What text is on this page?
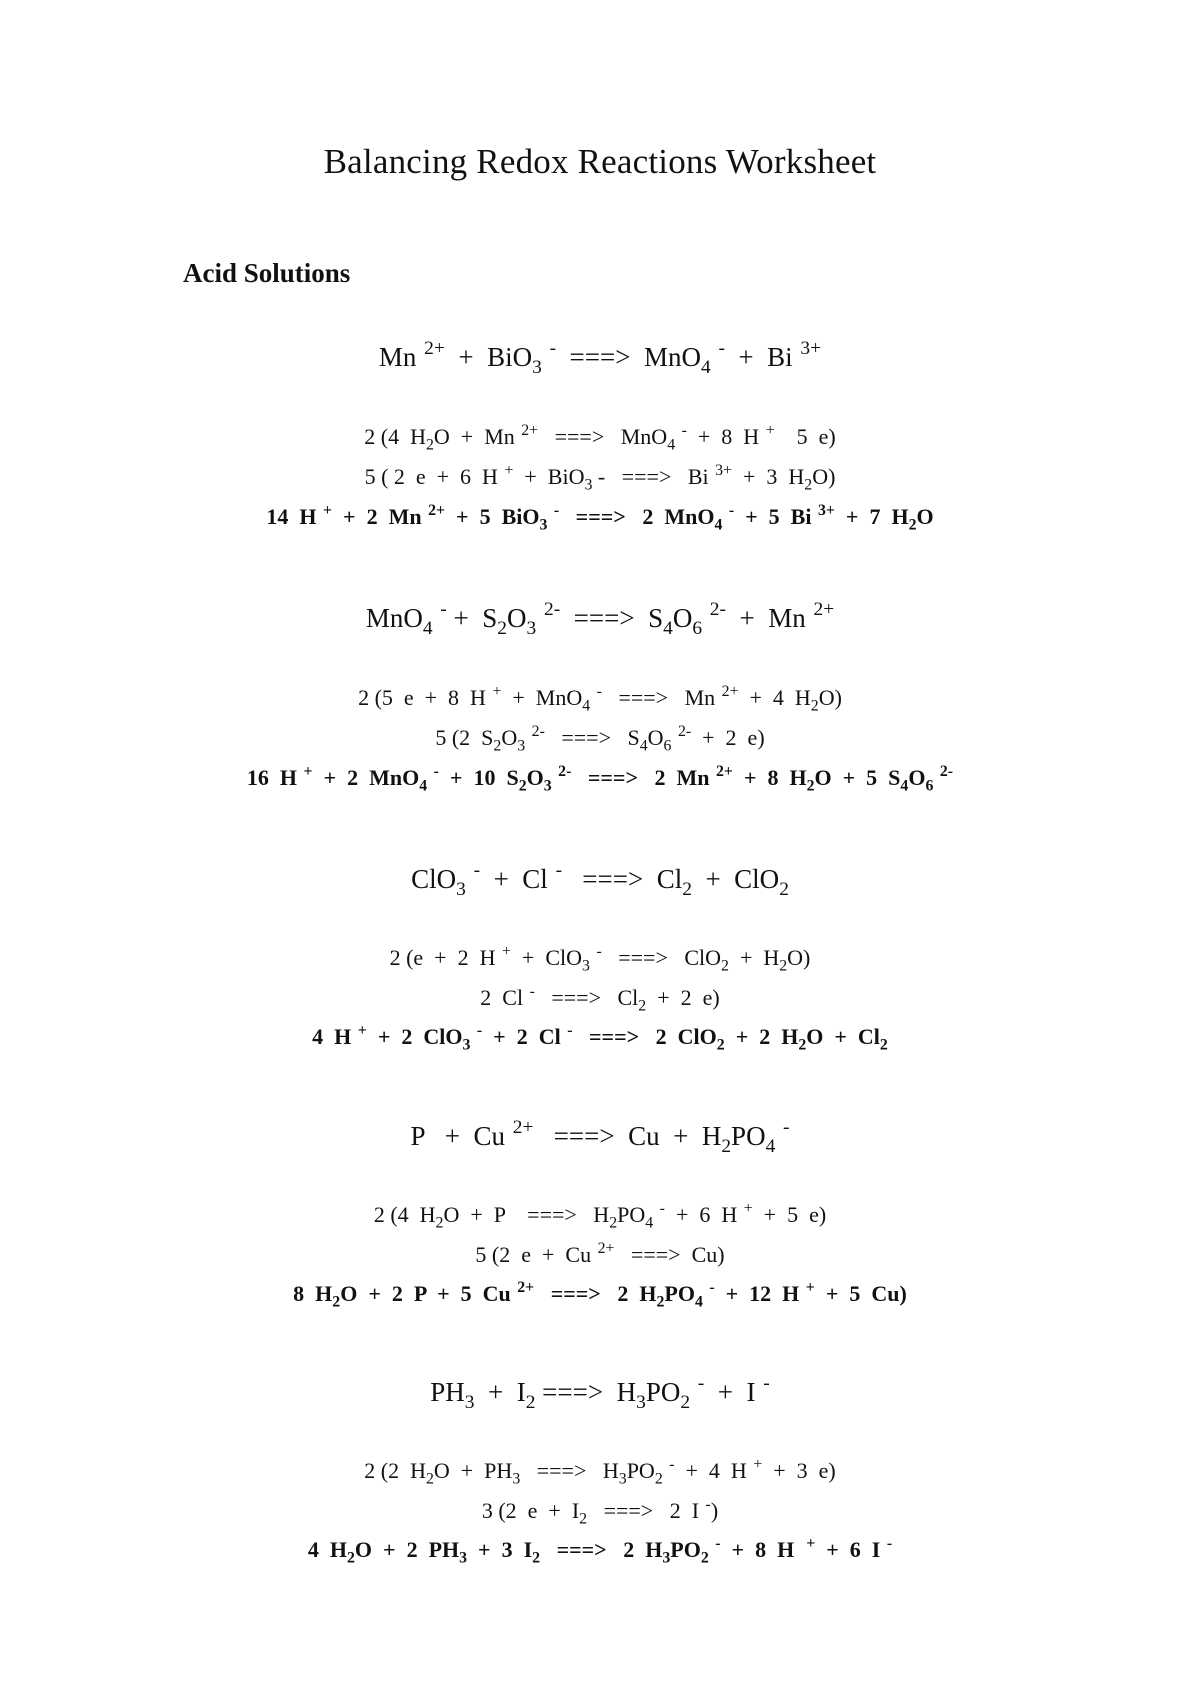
Balancing Redox Reactions Worksheet
Acid Solutions
Mn $^{2+}$  +  BiO$_3$ -  ===>  MnO$_4$ -  +  Bi $^{3+}$
2 (4  $H_2O + Mn$ $^{2+}$   ===>   MnO$_4$ -  +  8  H +    5  e)
5 ( 2  e  +  6  H +  +  BiO$_3$ -   ===>   Bi $^{3+}$  +  3  $H_2O$)
14  H +  +  2  Mn $^{2+}$  +  5  BiO$_3$ -   ===>   2  MnO$_4$ -  +  5  Bi $^{3+}$  +  7  $H_2O$
MnO$_4$ $^- + S_2O_3$ $^{2-}$  ===>  $S_4O_6$ $^{2-}$  +  Mn $^{2+}$
2 (5  e  +  8  H +  +  MnO$_4$ -   ===>   Mn $^{2+}$  +  4  $H_2O$)
5 (2  $S_2O_3$ $^{2-}$   ===>   $S_4O_6$ $^{2-}$  +  2  e)
16  H +  +  2  MnO$_4$ -  +  10  $S_2O_3$ $^{2-}$   ===>   2  Mn $^{2+}$  +  8  $H_2O + 5$  $S_4O_6$ $^{2-}$
ClO$_3$ -  +  Cl -   ===>  $Cl_2 + ClO_2$
2 (e  +  2  H +  +  ClO$_3$ -   ===>   $ClO_2 + H_2O$)
2  Cl -   ===>   $Cl_2 + 2$  e)
4  H +  +  2  ClO$_3$ -  +  2  Cl -   ===>   2  ClO$_2$  +  2  $H_2O + Cl_2$
P   +  Cu $^{2+}$   ===>  $Cu + H_2PO_4$ -
2 (4  $H_2O + P$    ===>   $H_2PO_4$ -  +  6  H +  +  5  e)
5 (2  e  +  Cu $^{2+}$   ===>  Cu)
8  $H_2O + 2$  P  +  5  Cu $^{2+}$   ===>   2  $H_2PO_4$ -  +  12  H +  +  5  Cu)
$PH_3 + I_2$ ===>  $H_3PO_2$ -  +  I -
2 (2  $H_2O + PH_3$   ===>   $H_3PO_2$ -  +  4  H +  +  3  e)
3 (2  $e + I_2$   ===>   2  I -)
4  $H_2O + 2$  $PH_3 + 3$  $I_2$   ===>   2  $H_3PO_2$ -  +  8  H  +  +  6  I -
